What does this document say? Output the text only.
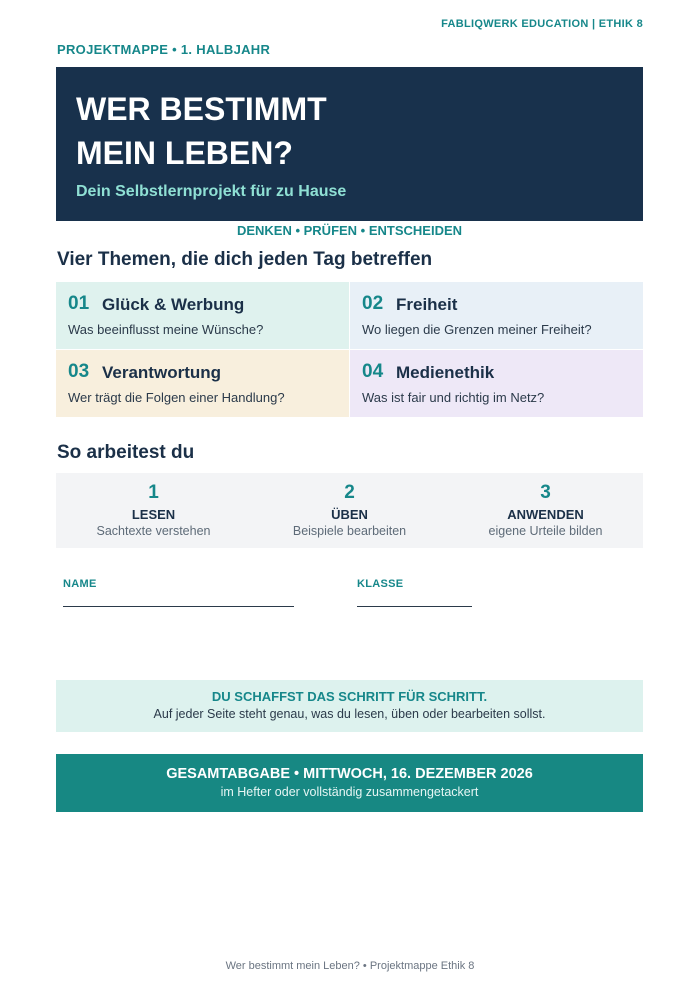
FABLIQWERK EDUCATION | ETHIK 8
PROJEKTMAPPE • 1. HALBJAHR
WER BESTIMMT
MEIN LEBEN?
Dein Selbstlernprojekt für zu Hause
DENKEN • PRÜFEN • ENTSCHEIDEN
Vier Themen, die dich jeden Tag betreffen
01 Glück & Werbung
Was beeinflusst meine Wünsche?
02 Freiheit
Wo liegen die Grenzen meiner Freiheit?
03 Verantwortung
Wer trägt die Folgen einer Handlung?
04 Medienethik
Was ist fair und richtig im Netz?
So arbeitest du
1
LESEN
Sachtexte verstehen
2
ÜBEN
Beispiele bearbeiten
3
ANWENDEN
eigene Urteile bilden
NAME	KLASSE
DU SCHAFFST DAS SCHRITT FÜR SCHRITT.
Auf jeder Seite steht genau, was du lesen, üben oder bearbeiten sollst.
GESAMTABGABE • MITTWOCH, 16. DEZEMBER 2026
im Hefter oder vollständig zusammengetackert
Wer bestimmt mein Leben? • Projektmappe Ethik 8
